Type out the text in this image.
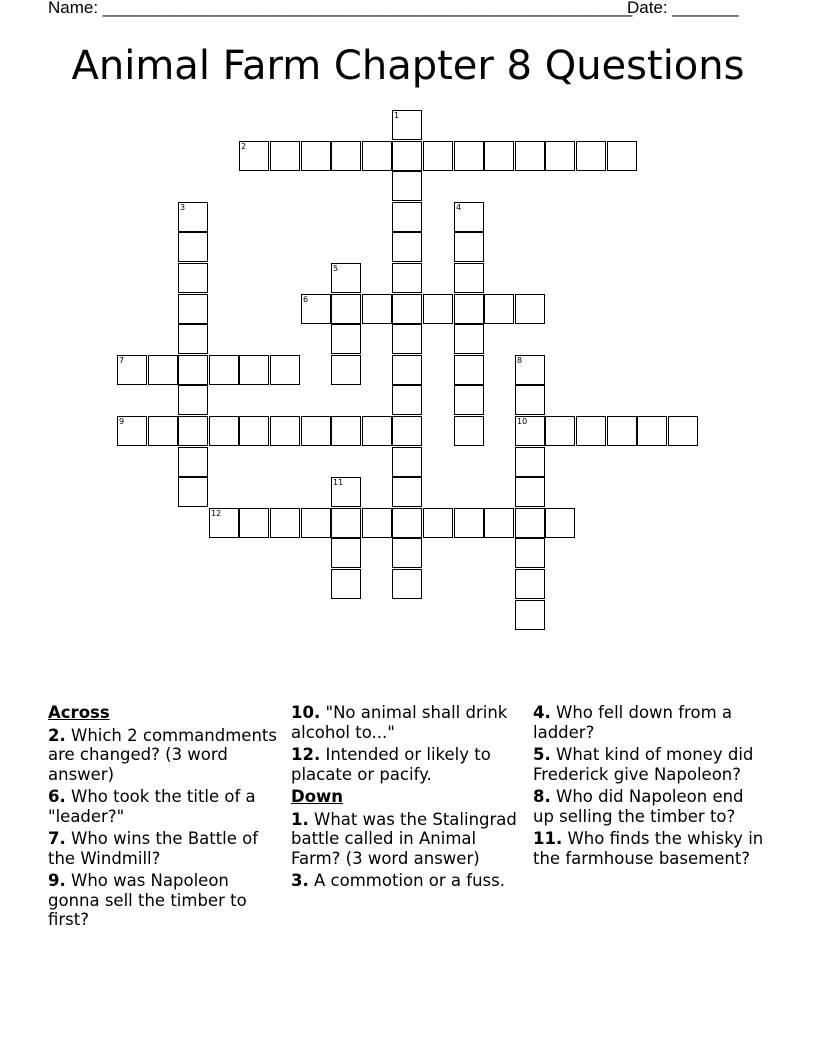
Name: ________________________________________________________
Date: _______
Animal Farm Chapter 8 Questions
1
2
3	4
5
6
7	8
10
9
11
12
Across
2. Which 2 commandments are changed? (3 word answer)
6. Who took the title of a "leader?"
7. Who wins the Battle of the Windmill?
9. Who was Napoleon gonna sell the timber to first?
10. "No animal shall drink alcohol to..."
12. Intended or likely to placate or pacify.
Down
1. What was the Stalingrad battle called in Animal Farm? (3 word answer)
3. A commotion or a fuss.
4. Who fell down from a ladder?
5. What kind of money did Frederick give Napoleon?
8. Who did Napoleon end up selling the timber to?
11. Who finds the whisky in the farmhouse basement?
